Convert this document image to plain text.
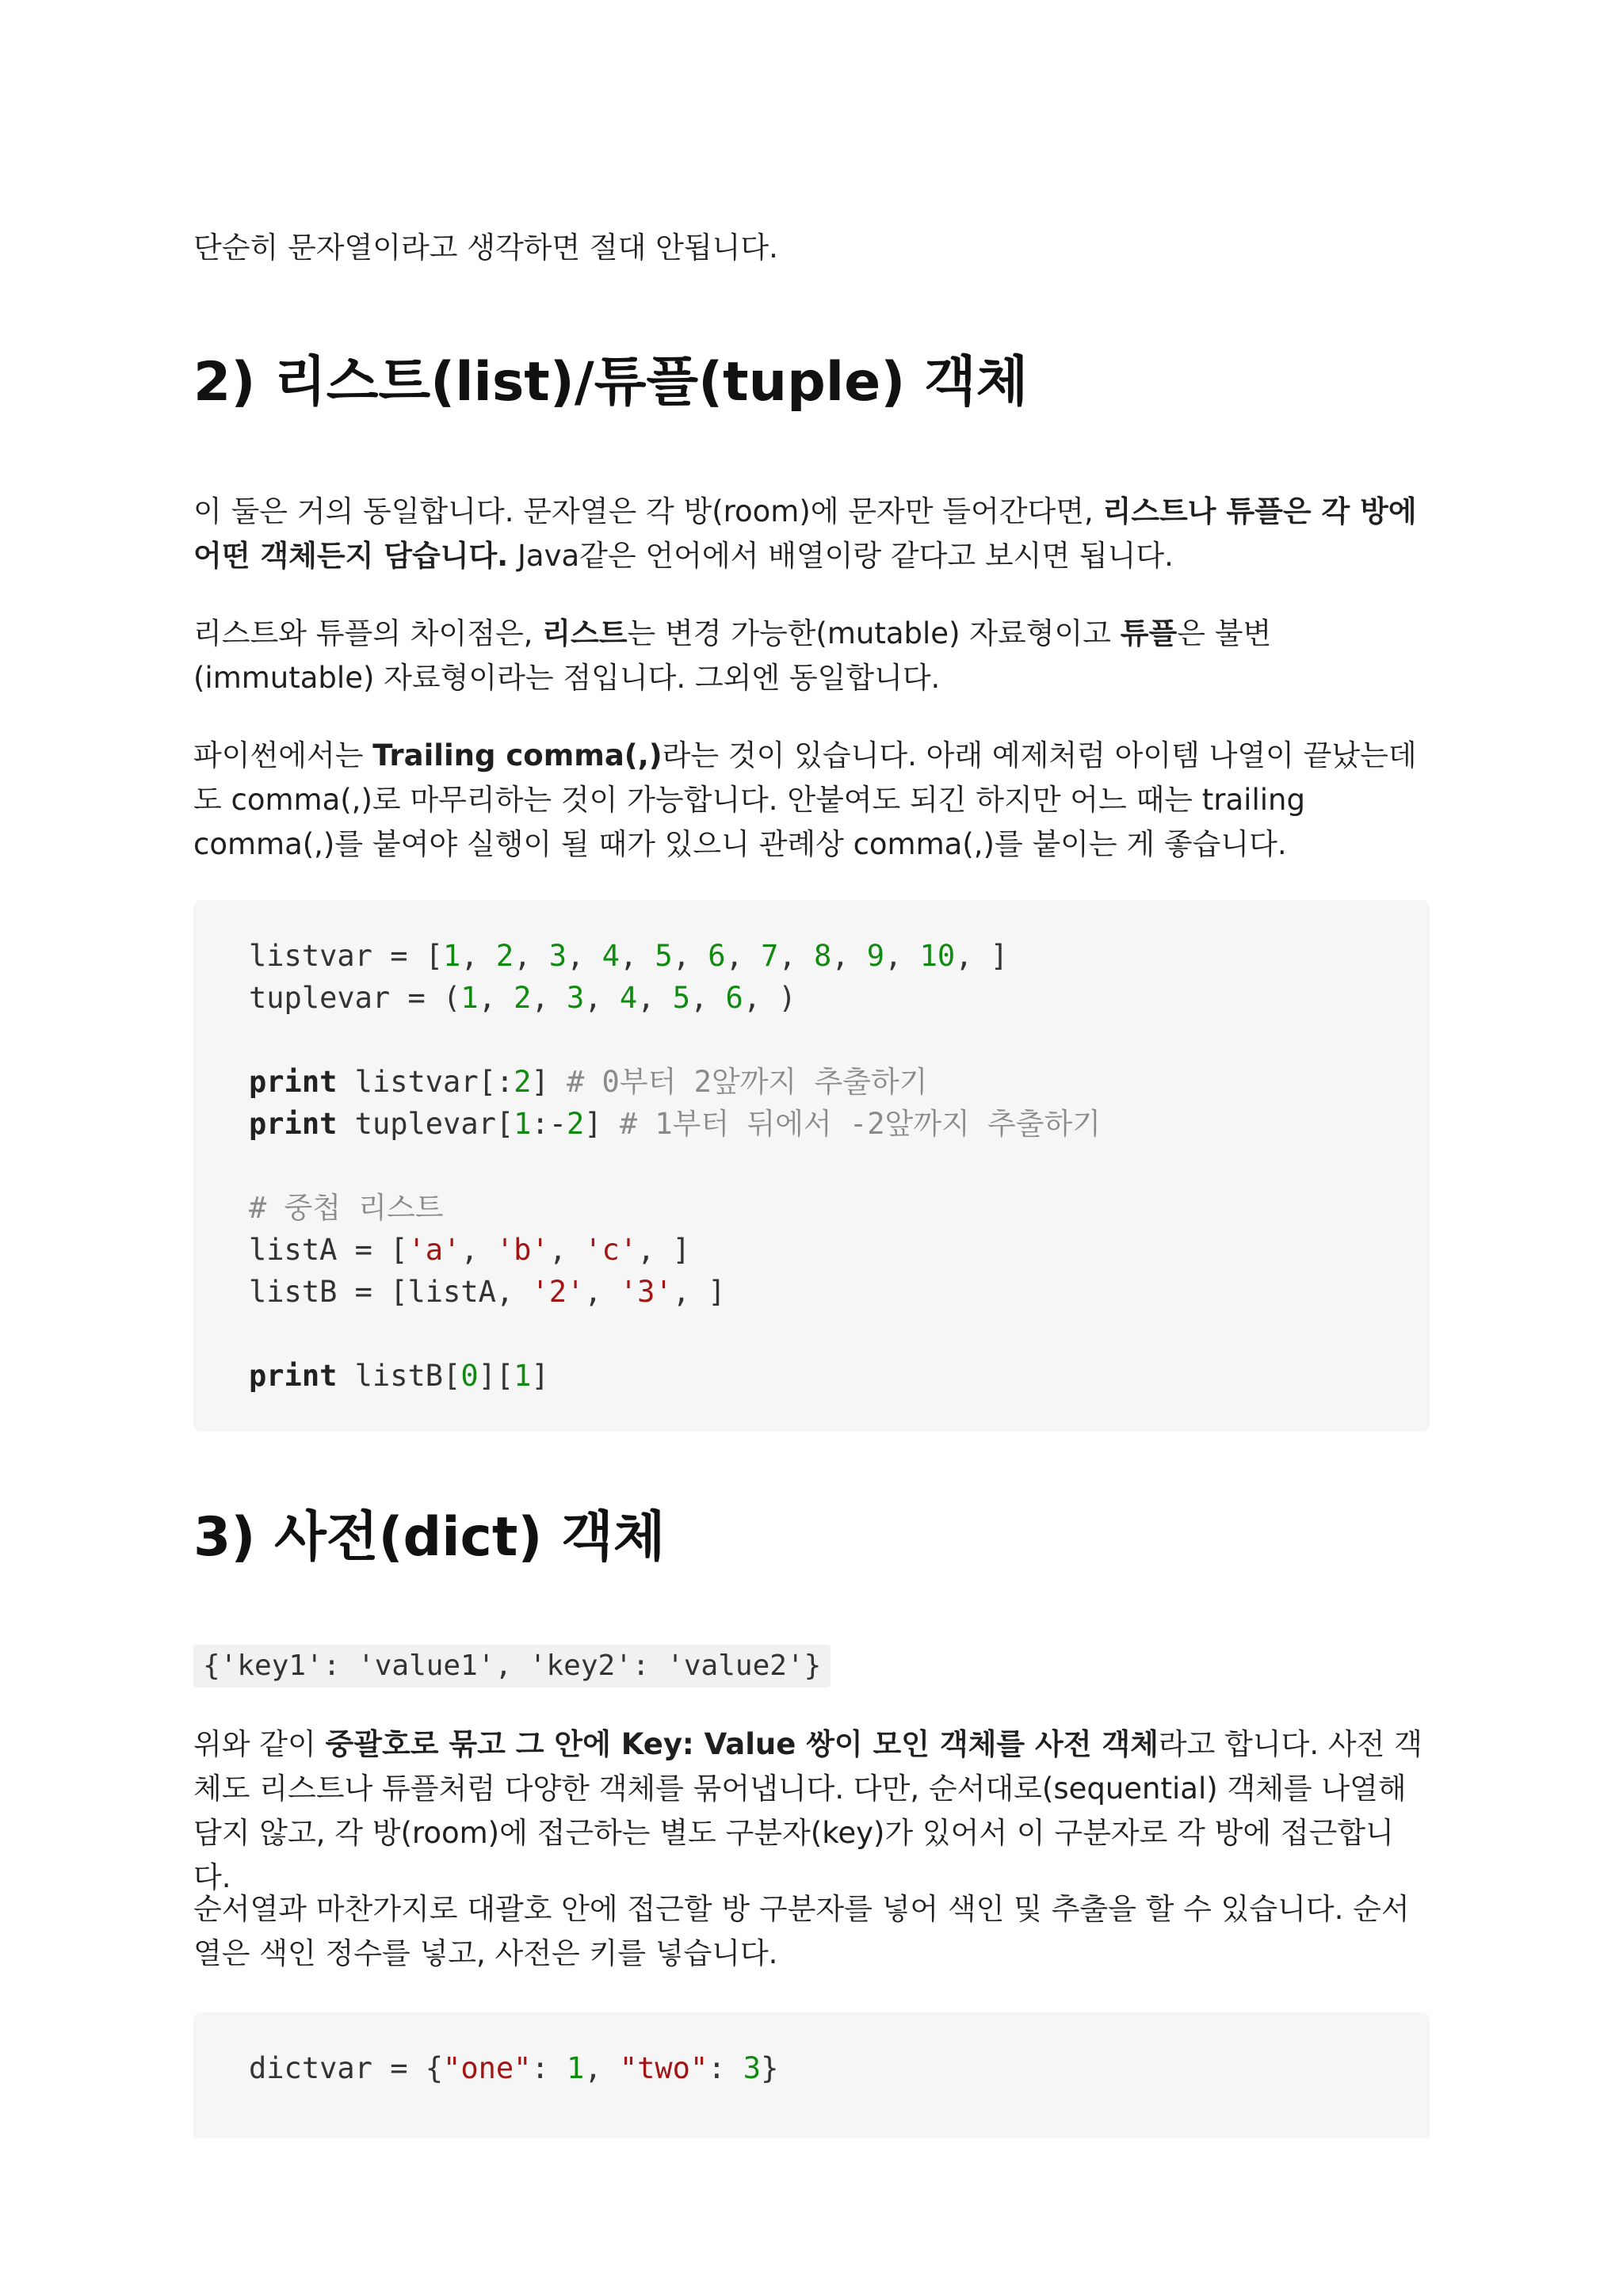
단순히 문자열이라고 생각하면 절대 안됩니다.

2) 리스트(list)/튜플(tuple) 객체

이 둘은 거의 동일합니다. 문자열은 각 방(room)에 문자만 들어간다면, 리스트나 튜플은 각 방에 어떤 객체든지 담습니다. Java같은 언어에서 배열이랑 같다고 보시면 됩니다.

리스트와 튜플의 차이점은, 리스트는 변경 가능한(mutable) 자료형이고 튜플은 불변(immutable) 자료형이라는 점입니다. 그외엔 동일합니다.

파이썬에서는 Trailing comma(,)라는 것이 있습니다. 아래 예제처럼 아이템 나열이 끝났는데도 comma(,)로 마무리하는 것이 가능합니다. 안붙여도 되긴 하지만 어느 때는 trailing comma(,)를 붙여야 실행이 될 때가 있으니 관례상 comma(,)를 붙이는 게 좋습니다.

listvar = [1, 2, 3, 4, 5, 6, 7, 8, 9, 10, ]
tuplevar = (1, 2, 3, 4, 5, 6, )

print listvar[:2] # 0부터 2앞까지 추출하기
print tuplevar[1:-2] # 1부터 뒤에서 -2앞까지 추출하기

# 중첩 리스트
listA = ['a', 'b', 'c', ]
listB = [listA, '2', '3', ]

print listB[0][1]
3) 사전(dict) 객체
{'key1': 'value1', 'key2': 'value2'}

위와 같이 중괄호로 묶고 그 안에 Key: Value 쌍이 모인 객체를 사전 객체라고 합니다. 사전 객체도 리스트나 튜플처럼 다양한 객체를 묶어냅니다. 다만, 순서대로(sequential) 객체를 나열해 담지 않고, 각 방(room)에 접근하는 별도 구분자(key)가 있어서 이 구분자로 각 방에 접근합니다.

순서열과 마찬가지로 대괄호 안에 접근할 방 구분자를 넣어 색인 및 추출을 할 수 있습니다. 순서열은 색인 정수를 넣고, 사전은 키를 넣습니다.

dictvar = {"one": 1, "two": 3}
